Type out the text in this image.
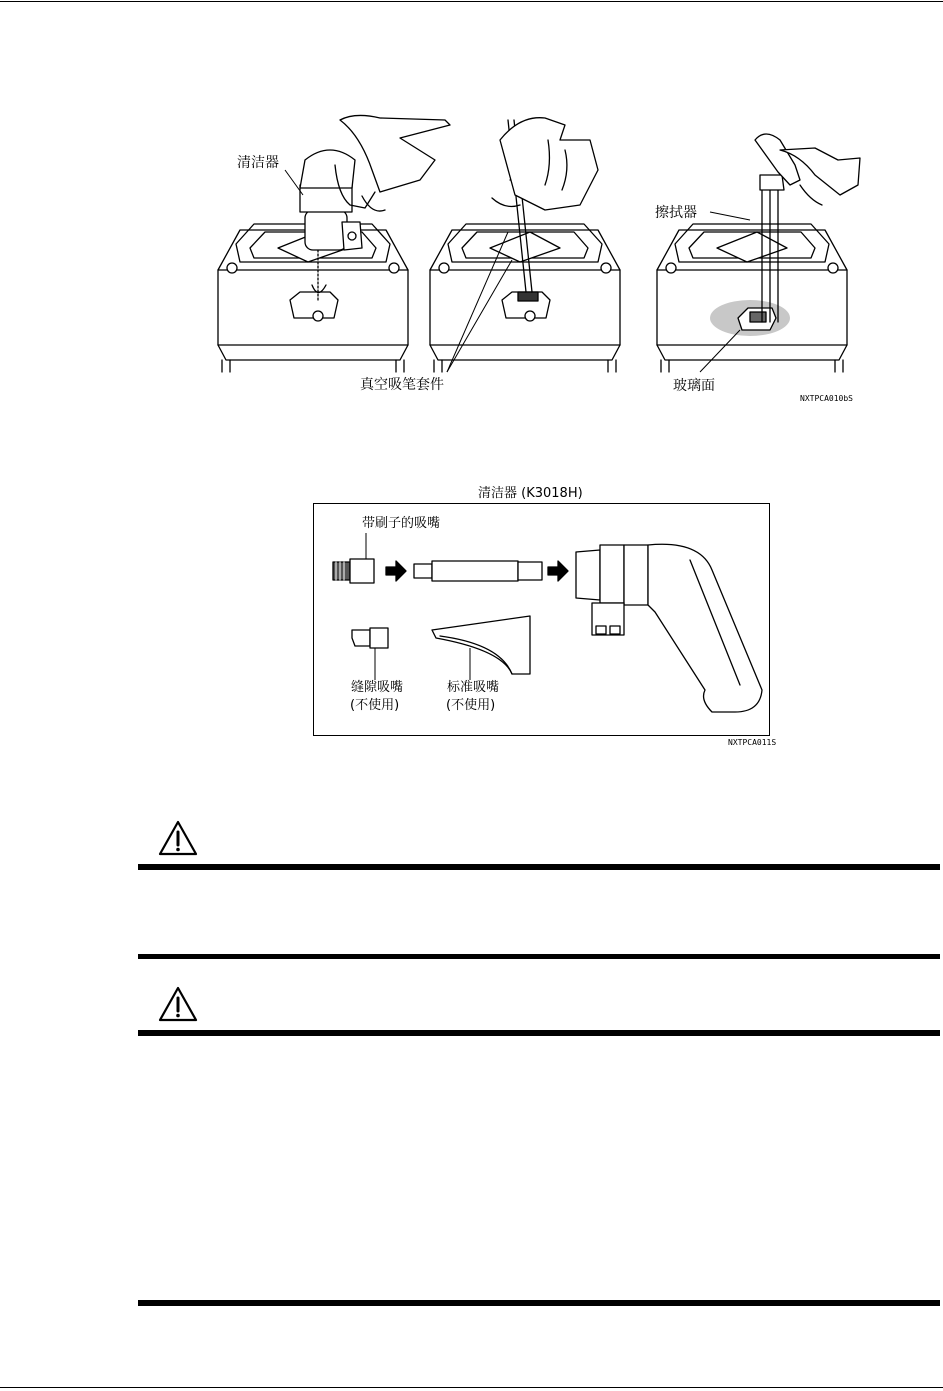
清洁器
擦拭器
真空吸笔套件	玻璃面
NXTPCA010bS
清洁器 (K3018H)
带刷子的吸嘴
缝隙吸嘴
(不使用)
标准吸嘴
(不使用)
NXTPCA011S
